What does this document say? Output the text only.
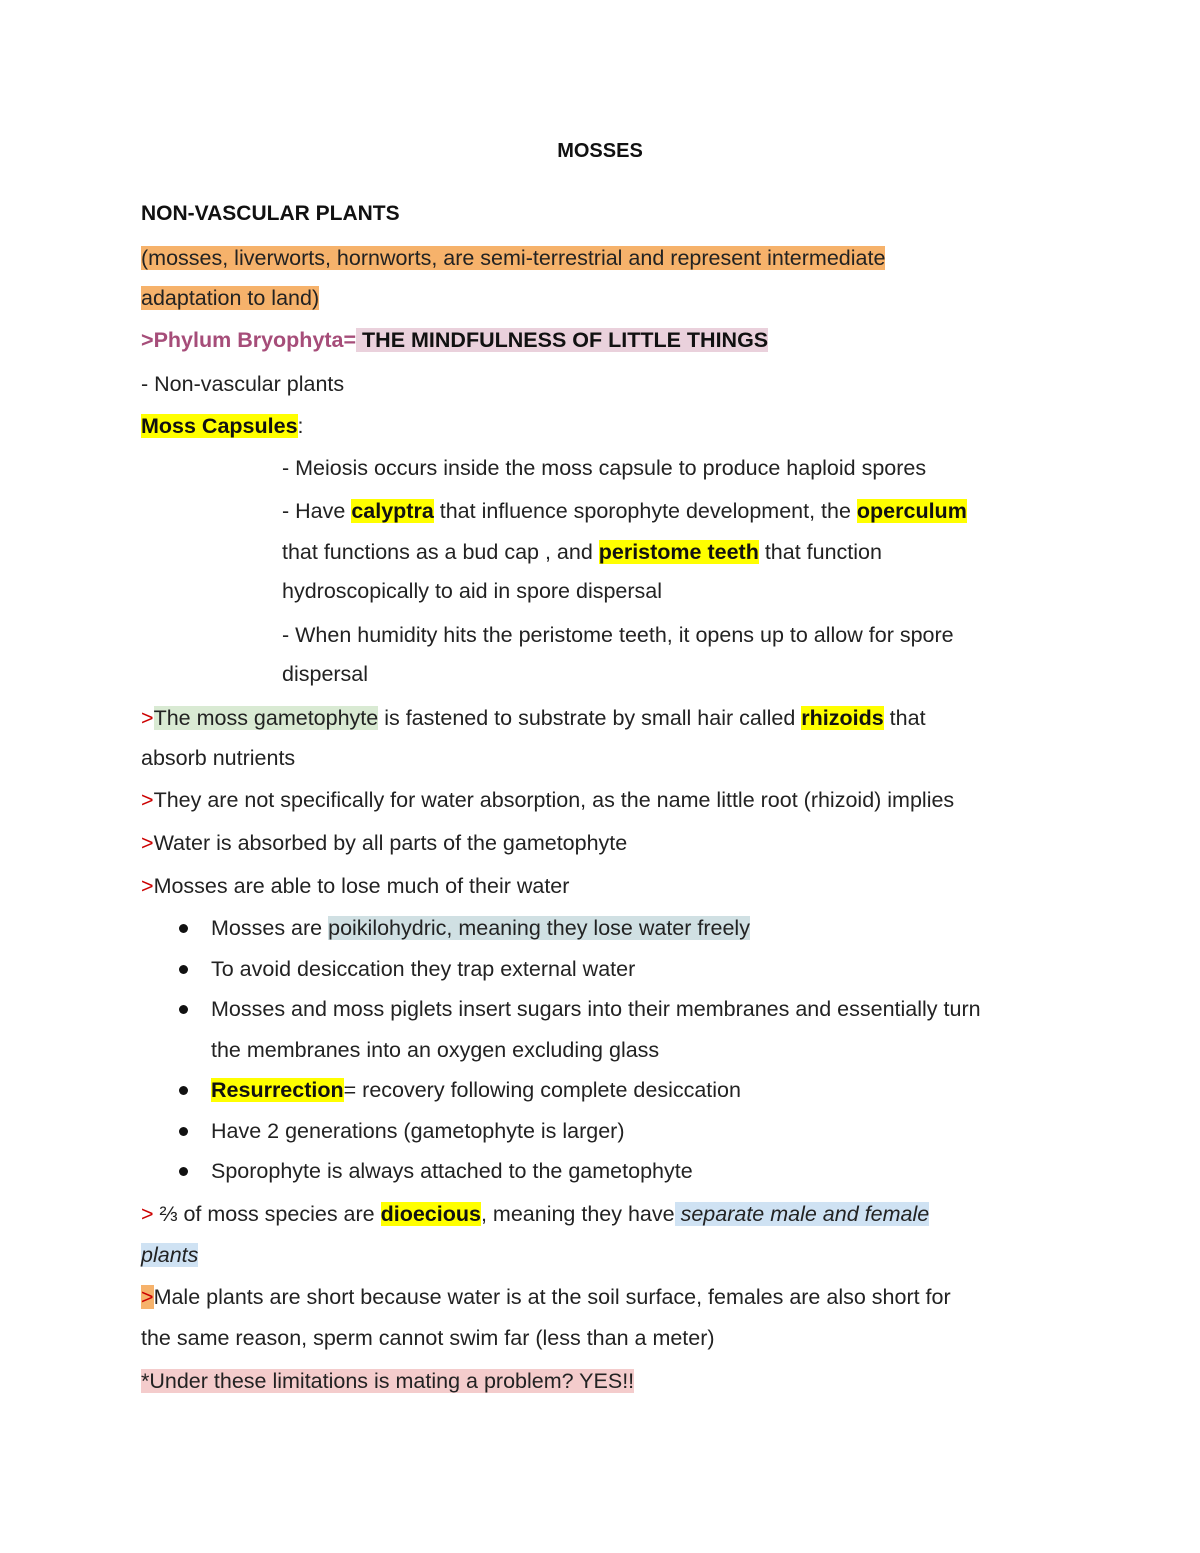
MOSSES
NON-VASCULAR PLANTS
(mosses, liverworts, hornworts, are semi-terrestrial and represent intermediate
adaptation to land)
>Phylum Bryophyta= THE MINDFULNESS OF LITTLE THINGS
- Non-vascular plants
Moss Capsules:
- Meiosis occurs inside the moss capsule to produce haploid spores
- Have calyptra that influence sporophyte development, the operculum
that functions as a bud cap , and peristome teeth that function
hydroscopically to aid in spore dispersal
- When humidity hits the peristome teeth, it opens up to allow for spore
dispersal
>The moss gametophyte is fastened to substrate by small hair called rhizoids that
absorb nutrients
>They are not specifically for water absorption, as the name little root (rhizoid) implies
>Water is absorbed by all parts of the gametophyte
>Mosses are able to lose much of their water
Mosses are poikilohydric, meaning they lose water freely
To avoid desiccation they trap external water
Mosses and moss piglets insert sugars into their membranes and essentially turn
the membranes into an oxygen excluding glass
Resurrection= recovery following complete desiccation
Have 2 generations (gametophyte is larger)
Sporophyte is always attached to the gametophyte
> ⅔ of moss species are dioecious, meaning they have separate male and female
plants
>Male plants are short because water is at the soil surface, females are also short for
the same reason, sperm cannot swim far (less than a meter)
*Under these limitations is mating a problem? YES!!
